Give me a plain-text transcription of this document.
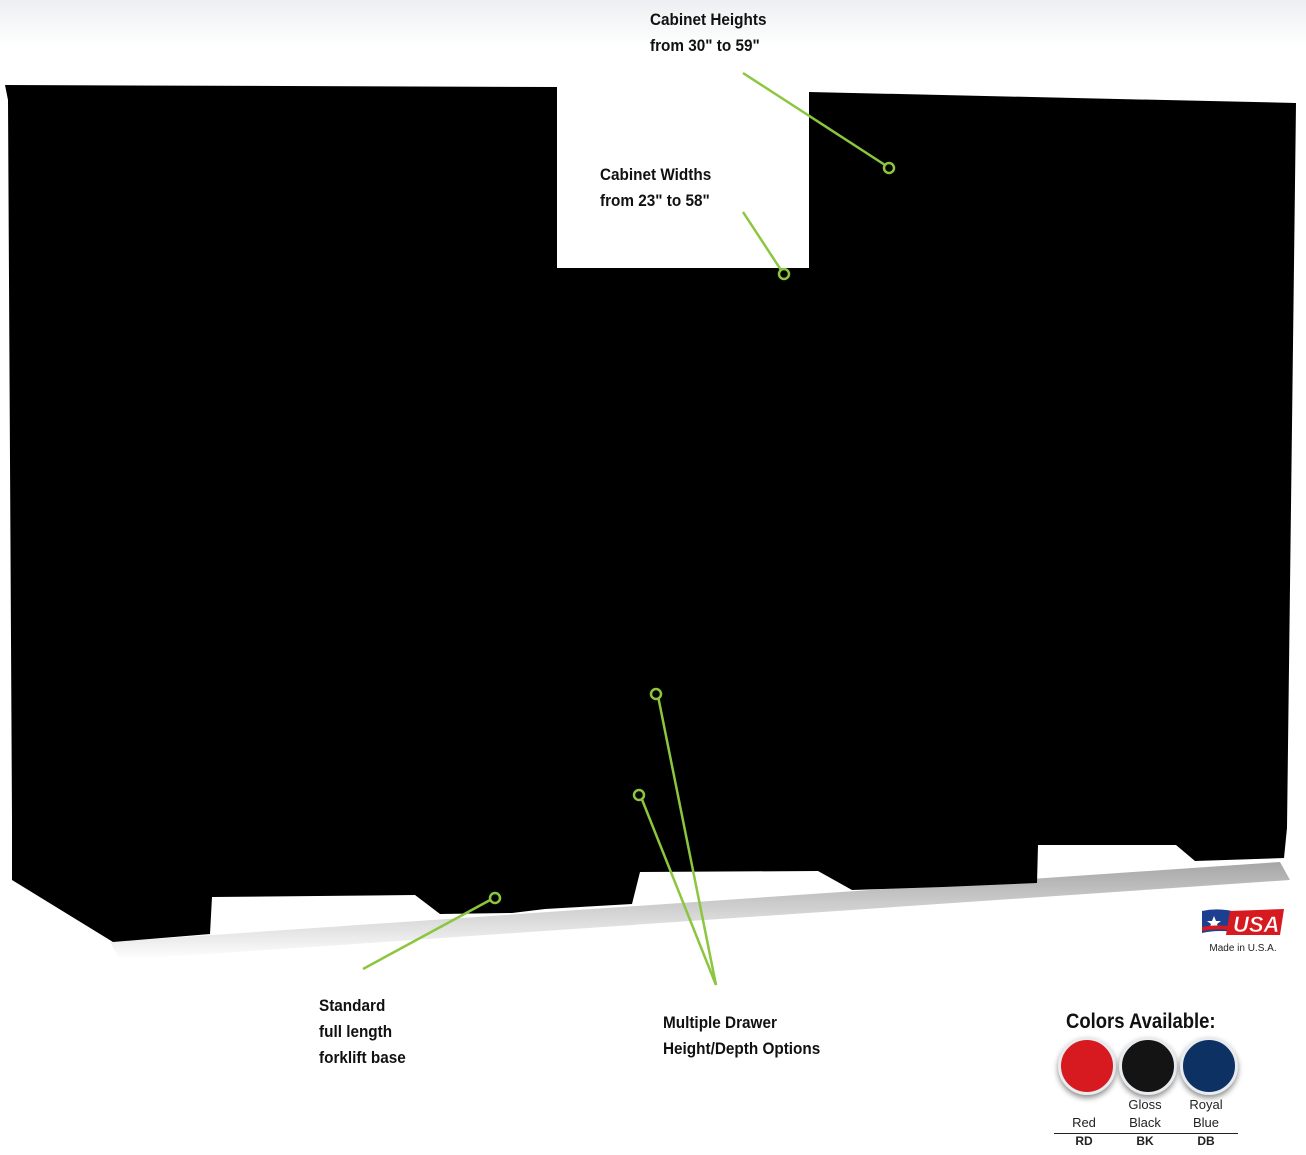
Cabinet Heights
from 30" to 59"
Cabinet Widths
from 23" to 58"
Standard
full length
forklift base
Multiple Drawer
Height/Depth Options
USA
Made in U.S.A.
Colors Available:
Red
Gloss
Black
Royal
Blue
RD	BK	DB
